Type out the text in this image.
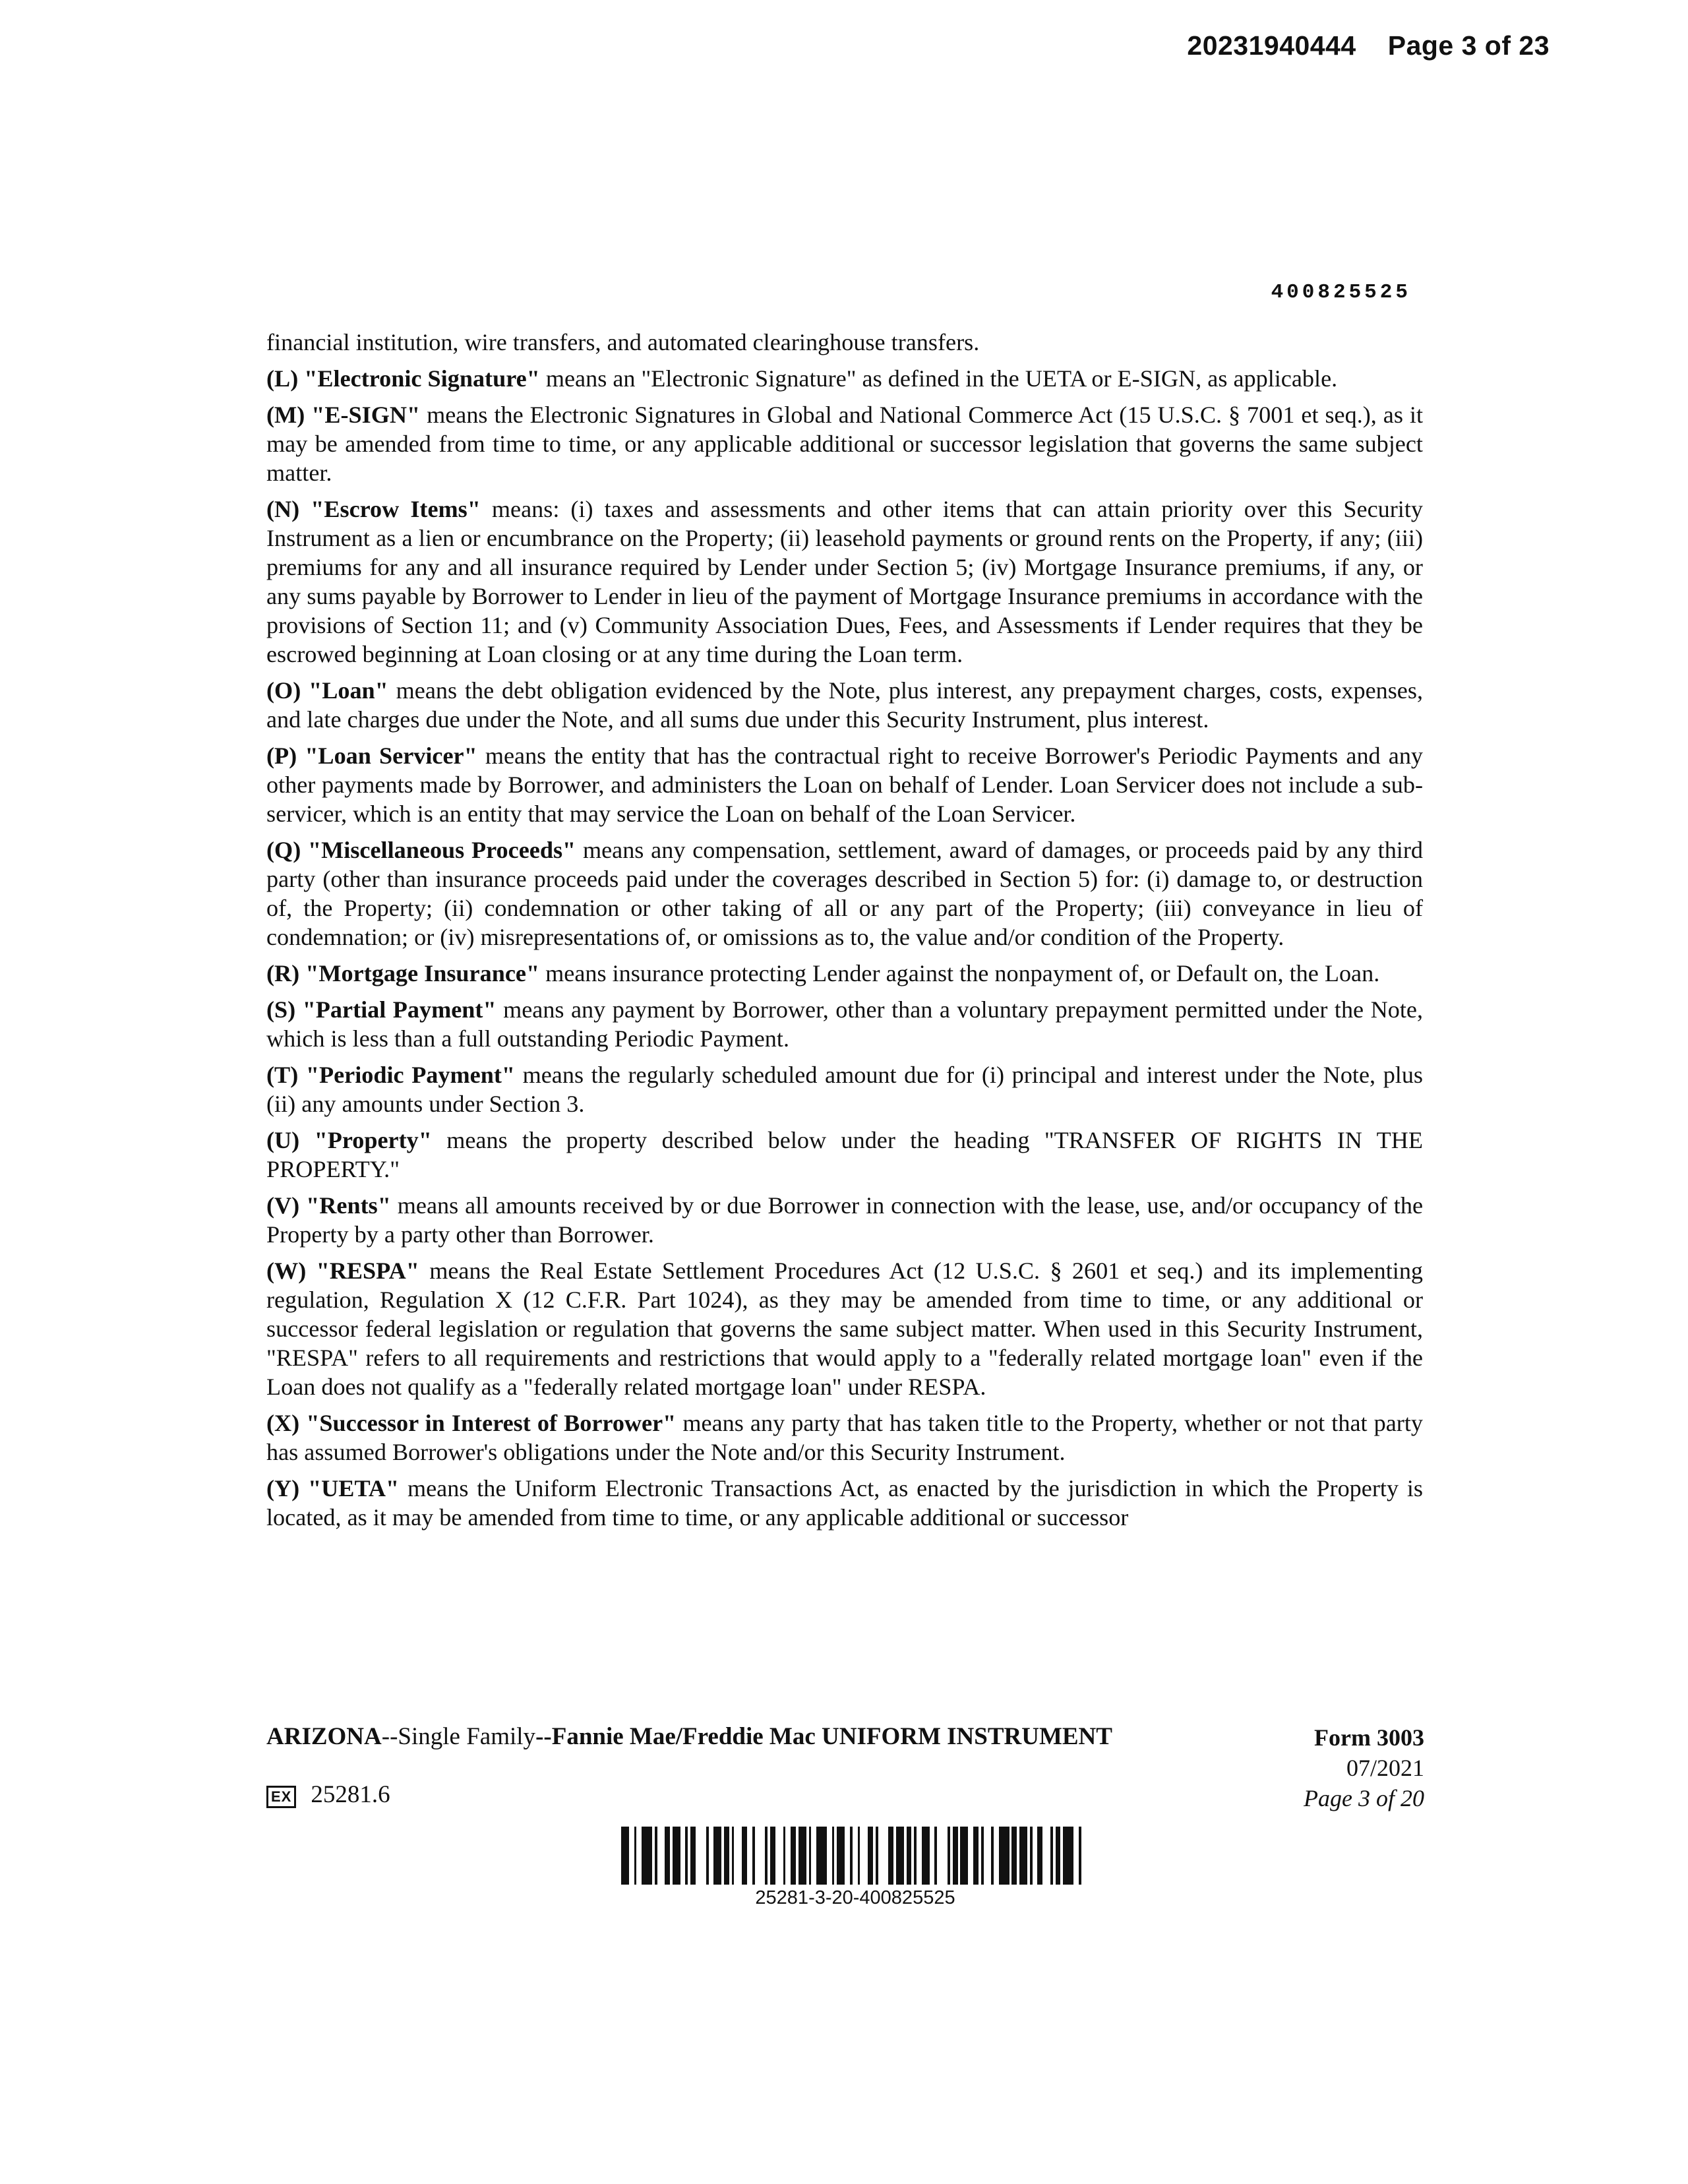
20231940444 Page 3 of 23
400825525

financial institution, wire transfers, and automated clearinghouse transfers.

(L) "Electronic Signature" means an "Electronic Signature" as defined in the UETA or E-SIGN, as applicable.

(M) "E-SIGN" means the Electronic Signatures in Global and National Commerce Act (15 U.S.C. § 7001 et seq.), as it may be amended from time to time, or any applicable additional or successor legislation that governs the same subject matter.

(N) "Escrow Items" means: (i) taxes and assessments and other items that can attain priority over this Security Instrument as a lien or encumbrance on the Property; (ii) leasehold payments or ground rents on the Property, if any; (iii) premiums for any and all insurance required by Lender under Section 5; (iv) Mortgage Insurance premiums, if any, or any sums payable by Borrower to Lender in lieu of the payment of Mortgage Insurance premiums in accordance with the provisions of Section 11; and (v) Community Association Dues, Fees, and Assessments if Lender requires that they be escrowed beginning at Loan closing or at any time during the Loan term.

(O) "Loan" means the debt obligation evidenced by the Note, plus interest, any prepayment charges, costs, expenses, and late charges due under the Note, and all sums due under this Security Instrument, plus interest.

(P) "Loan Servicer" means the entity that has the contractual right to receive Borrower's Periodic Payments and any other payments made by Borrower, and administers the Loan on behalf of Lender. Loan Servicer does not include a sub-servicer, which is an entity that may service the Loan on behalf of the Loan Servicer.

(Q) "Miscellaneous Proceeds" means any compensation, settlement, award of damages, or proceeds paid by any third party (other than insurance proceeds paid under the coverages described in Section 5) for: (i) damage to, or destruction of, the Property; (ii) condemnation or other taking of all or any part of the Property; (iii) conveyance in lieu of condemnation; or (iv) misrepresentations of, or omissions as to, the value and/or condition of the Property.

(R) "Mortgage Insurance" means insurance protecting Lender against the nonpayment of, or Default on, the Loan.

(S) "Partial Payment" means any payment by Borrower, other than a voluntary prepayment permitted under the Note, which is less than a full outstanding Periodic Payment.

(T) "Periodic Payment" means the regularly scheduled amount due for (i) principal and interest under the Note, plus (ii) any amounts under Section 3.

(U) "Property" means the property described below under the heading "TRANSFER OF RIGHTS IN THE PROPERTY."

(V) "Rents" means all amounts received by or due Borrower in connection with the lease, use, and/or occupancy of the Property by a party other than Borrower.

(W) "RESPA" means the Real Estate Settlement Procedures Act (12 U.S.C. § 2601 et seq.) and its implementing regulation, Regulation X (12 C.F.R. Part 1024), as they may be amended from time to time, or any additional or successor federal legislation or regulation that governs the same subject matter. When used in this Security Instrument, "RESPA" refers to all requirements and restrictions that would apply to a "federally related mortgage loan" even if the Loan does not qualify as a "federally related mortgage loan" under RESPA.

(X) "Successor in Interest of Borrower" means any party that has taken title to the Property, whether or not that party has assumed Borrower's obligations under the Note and/or this Security Instrument.

(Y) "UETA" means the Uniform Electronic Transactions Act, as enacted by the jurisdiction in which the Property is located, as it may be amended from time to time, or any applicable additional or successor

ARIZONA--Single Family--Fannie Mae/Freddie Mac UNIFORM INSTRUMENT	Form 3003
07/2021
Page 3 of 20
EX 25281.6
25281-3-20-400825525
